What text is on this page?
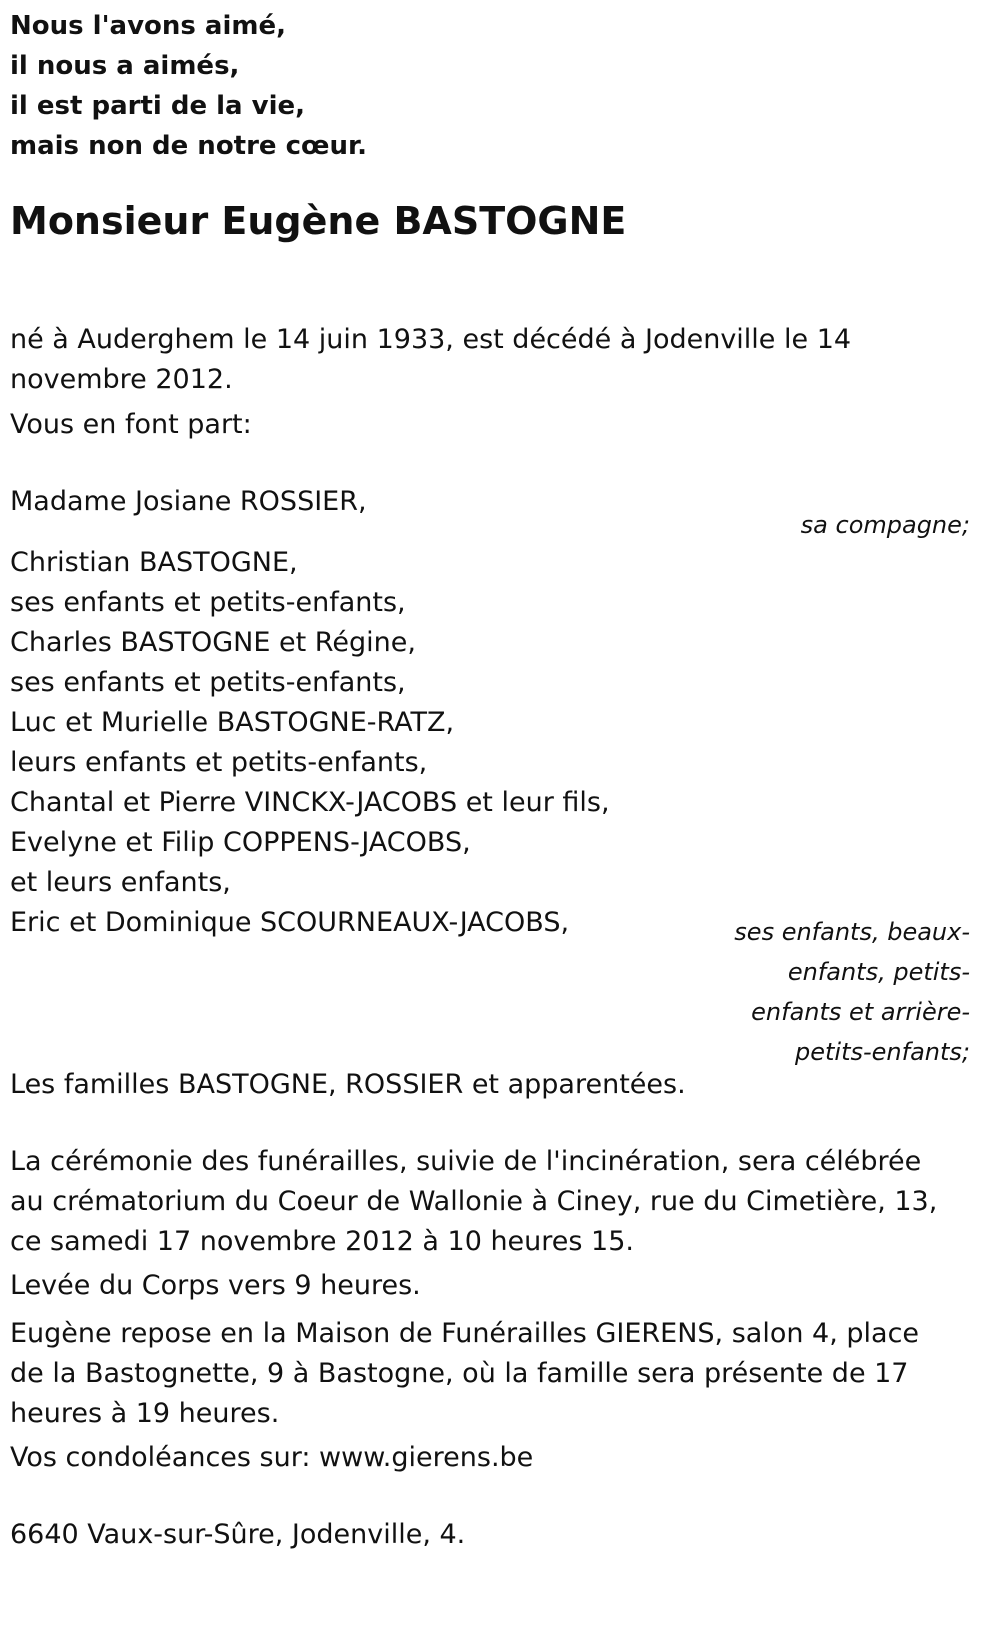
Nous l'avons aimé,
il nous a aimés,
il est parti de la vie,
mais non de notre cœur.
Monsieur Eugène BASTOGNE
né à Auderghem le 14 juin 1933, est décédé à Jodenville le 14 novembre 2012.
Vous en font part:
Madame Josiane ROSSIER,
sa compagne;
Christian BASTOGNE,
ses enfants et petits-enfants,
Charles BASTOGNE et Régine,
ses enfants et petits-enfants,
Luc et Murielle BASTOGNE-RATZ,
leurs enfants et petits-enfants,
Chantal et Pierre VINCKX-JACOBS et leur fils,
Evelyne et Filip COPPENS-JACOBS,
et leurs enfants,
Eric et Dominique SCOURNEAUX-JACOBS,	ses enfants, beaux-
enfants, petits-
enfants et arrière-
petits-enfants;
Les familles BASTOGNE, ROSSIER et apparentées.
La cérémonie des funérailles, suivie de l'incinération, sera célébrée au crématorium du Coeur de Wallonie à Ciney, rue du Cimetière, 13, ce samedi 17 novembre 2012 à 10 heures 15.
Levée du Corps vers 9 heures.
Eugène repose en la Maison de Funérailles GIERENS, salon 4, place de la Bastognette, 9 à Bastogne, où la famille sera présente de 17 heures à 19 heures.
Vos condoléances sur: www.gierens.be
6640 Vaux-sur-Sûre, Jodenville, 4.
